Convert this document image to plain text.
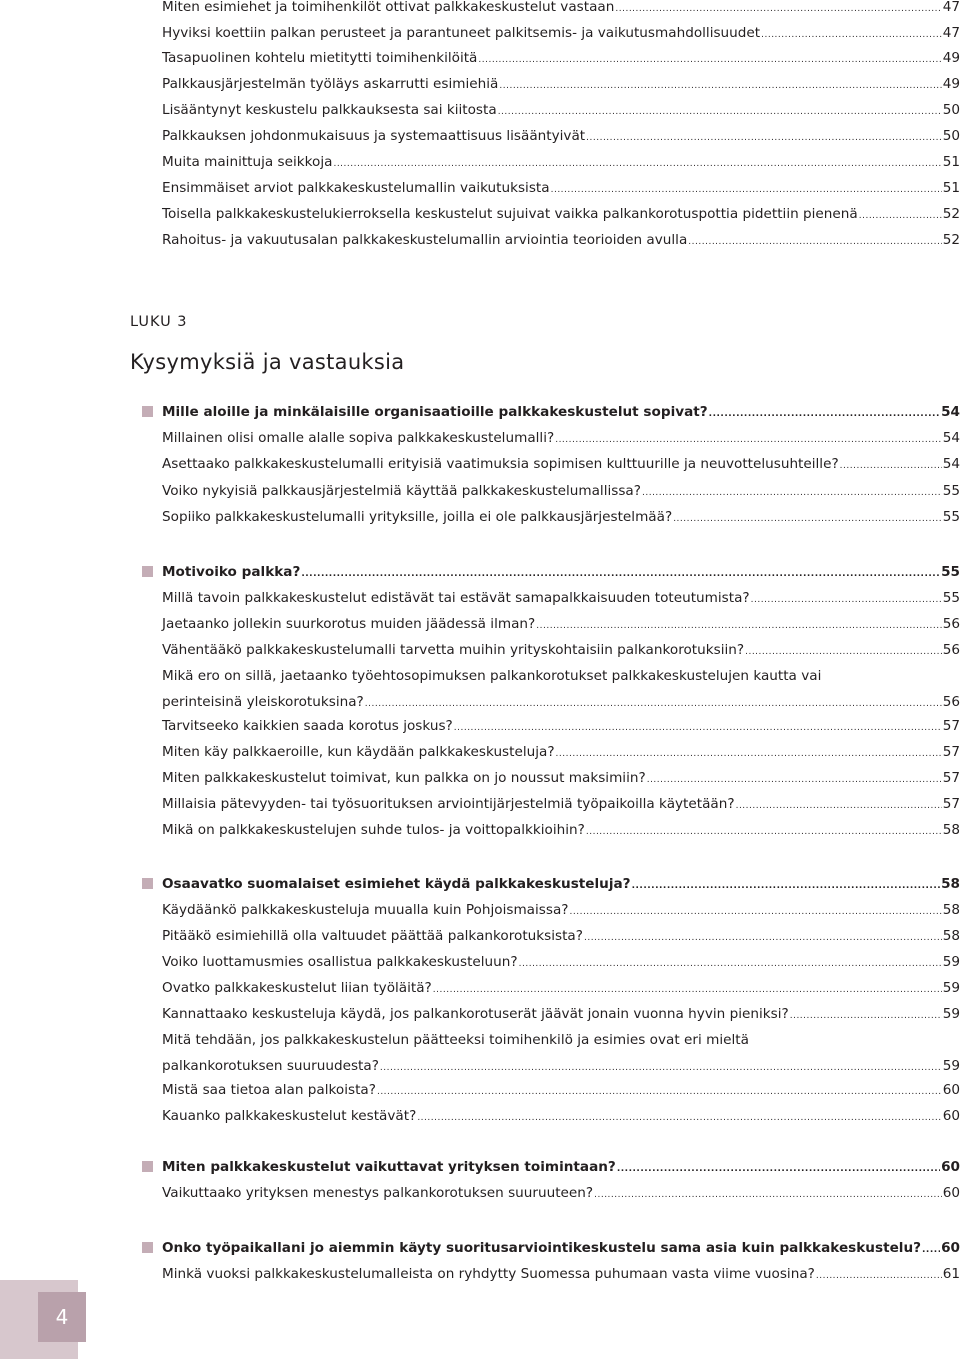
Miten esimiehet ja toimihenkilöt ottivat palkkakeskustelut vastaan .....	47
Hyviksi koettiin palkan perusteet ja parantuneet palkitsemis- ja vaikutusmahdollisuudet .....	47
Tasapuolinen kohtelu mietitytti toimihenkilöitä .....	49
Palkkausjärjestelmän työläys askarrutti esimiehiä .....	49
Lisääntynyt keskustelu palkkauksesta sai kiitosta .....	50
Palkkauksen johdonmukaisuus ja systemaattisuus lisääntyivät .....	50
Muita mainittuja seikkoja .....	51
Ensimmäiset arviot palkkakeskustelumallin vaikutuksista .....	51
Toisella palkkakeskustelukierroksella keskustelut sujuivat vaikka palkankorotuspottia pidettiin pienenä .....	52
Rahoitus- ja vakuutusalan palkkakeskustelumallin arviointia teorioiden avulla .....	52
Mille aloille ja minkälaisille organisaatioille palkkakeskustelut sopivat? .....	54
Millainen olisi omalle alalle sopiva palkkakeskustelumalli? .....	54
Asettaako palkkakeskustelumalli erityisiä vaatimuksia sopimisen kulttuurille ja neuvottelusuhteille? .....	54
Voiko nykyisiä palkkausjärjestelmiä käyttää palkkakeskustelumallissa? .....	55
Sopiiko palkkakeskustelumalli yrityksille, joilla ei ole palkkausjärjestelmää? .....	55
Motivoiko palkka? .....	55
Millä tavoin palkkakeskustelut edistävät tai estävät samapalkkaisuuden toteutumista? .....	55
Jaetaanko jollekin suurkorotus muiden jäädessä ilman? .....	56
Vähentääkö palkkakeskustelumalli tarvetta muihin yrityskohtaisiin palkankorotuksiin? .....	56
Mikä ero on sillä, jaetaanko työehtosopimuksen palkankorotukset palkkakeskustelujen kautta vai
perinteisinä yleiskorotuksina? .....	56
Tarvitseeko kaikkien saada korotus joskus? .....	57
Miten käy palkkaeroille, kun käydään palkkakeskusteluja? .....	57
Miten palkkakeskustelut toimivat, kun palkka on jo noussut maksimiin? .....	57
Millaisia pätevyyden- tai työsuorituksen arviointijärjestelmiä työpaikoilla käytetään? .....	57
Mikä on palkkakeskustelujen suhde tulos- ja voittopalkkioihin? .....	58
Osaavatko suomalaiset esimiehet käydä palkkakeskusteluja? .....	58
Käydäänkö palkkakeskusteluja muualla kuin Pohjoismaissa? .....	58
Pitääkö esimiehillä olla valtuudet päättää palkankorotuksista? .....	58
Voiko luottamusmies osallistua palkkakeskusteluun? .....	59
Ovatko palkkakeskustelut liian työläitä? .....	59
Kannattaako keskusteluja käydä, jos palkankorotuserät jäävät jonain vuonna hyvin pieniksi? .....	59
Mitä tehdään, jos palkkakeskustelun päätteeksi toimihenkilö ja esimies ovat eri mieltä
palkankorotuksen suuruudesta? .....	59
Mistä saa tietoa alan palkoista? .....	60
Kauanko palkkakeskustelut kestävät? .....	60
Miten palkkakeskustelut vaikuttavat yrityksen toimintaan? .....	60
Vaikuttaako yrityksen menestys palkankorotuksen suuruuteen? .....	60
Onko työpaikallani jo aiemmin käyty suoritusarviointikeskustelu sama asia kuin palkkakeskustelu? ..... 60
Minkä vuoksi palkkakeskustelumalleista on ryhdytty Suomessa puhumaan vasta viime vuosina? .....	61
LUKU 3
Kysymyksiä ja vastauksia
4
